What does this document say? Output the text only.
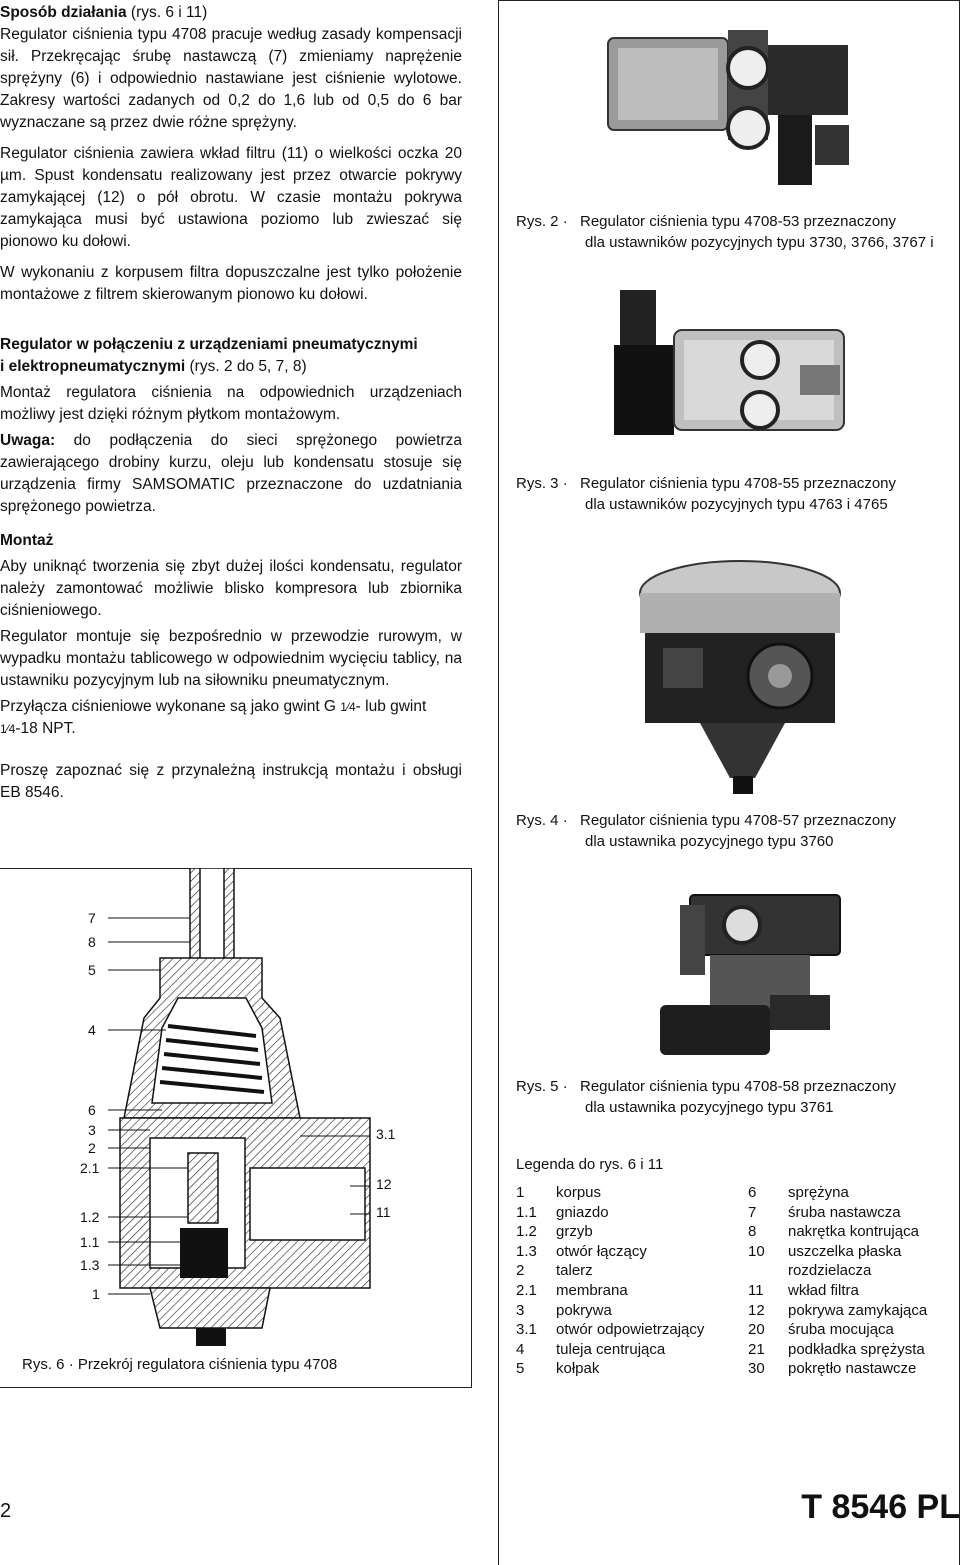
Sposób działania (rys. 6 i 11)

Regulator ciśnienia typu 4708 pracuje według zasady kompensacji sił. Przekręcając śrubę nastawczą (7) zmieniamy naprężenie sprężyny (6) i odpowiednio nastawiane jest ciśnienie wylotowe. Zakresy wartości zadanych od 0,2 do 1,6 lub od 0,5 do 6 bar wyznaczane są przez dwie różne sprężyny.

Regulator ciśnienia zawiera wkład filtru (11) o wielkości oczka 20 µm. Spust kondensatu realizowany jest przez otwarcie pokrywy zamykającej (12) o pół obrotu. W czasie montażu pokrywa zamykająca musi być ustawiona poziomo lub zwieszać się pionowo ku dołowi.

W wykonaniu z korpusem filtra dopuszczalne jest tylko położenie montażowe z filtrem skierowanym pionowo ku dołowi.

Regulator w połączeniu z urządzeniami pneumatycznymi

i elektropneumatycznymi (rys. 2 do 5, 7, 8)

Montaż regulatora ciśnienia na odpowiednich urządzeniach możliwy jest dzięki różnym płytkom montażowym.

Uwaga: do podłączenia do sieci sprężonego powietrza zawierającego drobiny kurzu, oleju lub kondensatu stosuje się urządzenia firmy SAMSOMATIC przeznaczone do uzdatniania sprężonego powietrza.

Montaż

Aby uniknąć tworzenia się zbyt dużej ilości kondensatu, regulator należy zamontować możliwie blisko kompresora lub zbiornika ciśnieniowego.

Regulator montuje się bezpośrednio w przewodzie rurowym, w wypadku montażu tablicowego w odpowiednim wycięciu tablicy, na ustawniku pozycyjnym lub na siłowniku pneumatycznym.

Przyłącza ciśnieniowe wykonane są jako gwint G 1⁄4- lub gwint
1⁄4-18 NPT.

Proszę zapoznać się z przynależną instrukcją montażu i obsługi EB 8546.

Rys. 2 · Regulator ciśnienia typu 4708-53 przeznaczony
dla ustawników pozycyjnych typu 3730, 3766, 3767 i
Rys. 3 · Regulator ciśnienia typu 4708-55 przeznaczony
dla ustawników pozycyjnych typu 4763 i 4765
Rys. 4 · Regulator ciśnienia typu 4708-57 przeznaczony
dla ustawnika pozycyjnego typu 3760
Rys. 5 · Regulator ciśnienia typu 4708-58 przeznaczony
dla ustawnika pozycyjnego typu 3761
7
8
5
4
6
3
2
2.1
1.2
1.1
1.3
1
3.1
12
11
Rys. 6 · Przekrój regulatora ciśnienia typu 4708
Legenda do rys. 6 i 11
1	korpus	6	sprężyna
1.1	gniazdo	7	śruba nastawcza
1.2	grzyb	8	nakrętka kontrująca
1.3	otwór łączący	10	uszczelka płaska
2	talerz		rozdzielacza
2.1	membrana	11	wkład filtra
3	pokrywa	12	pokrywa zamykająca
3.1	otwór odpowietrzający	20	śruba mocująca
4	tuleja centrująca	21	podkładka sprężysta
5	kołpak	30	pokrętło nastawcze
2	T 8546 PL
